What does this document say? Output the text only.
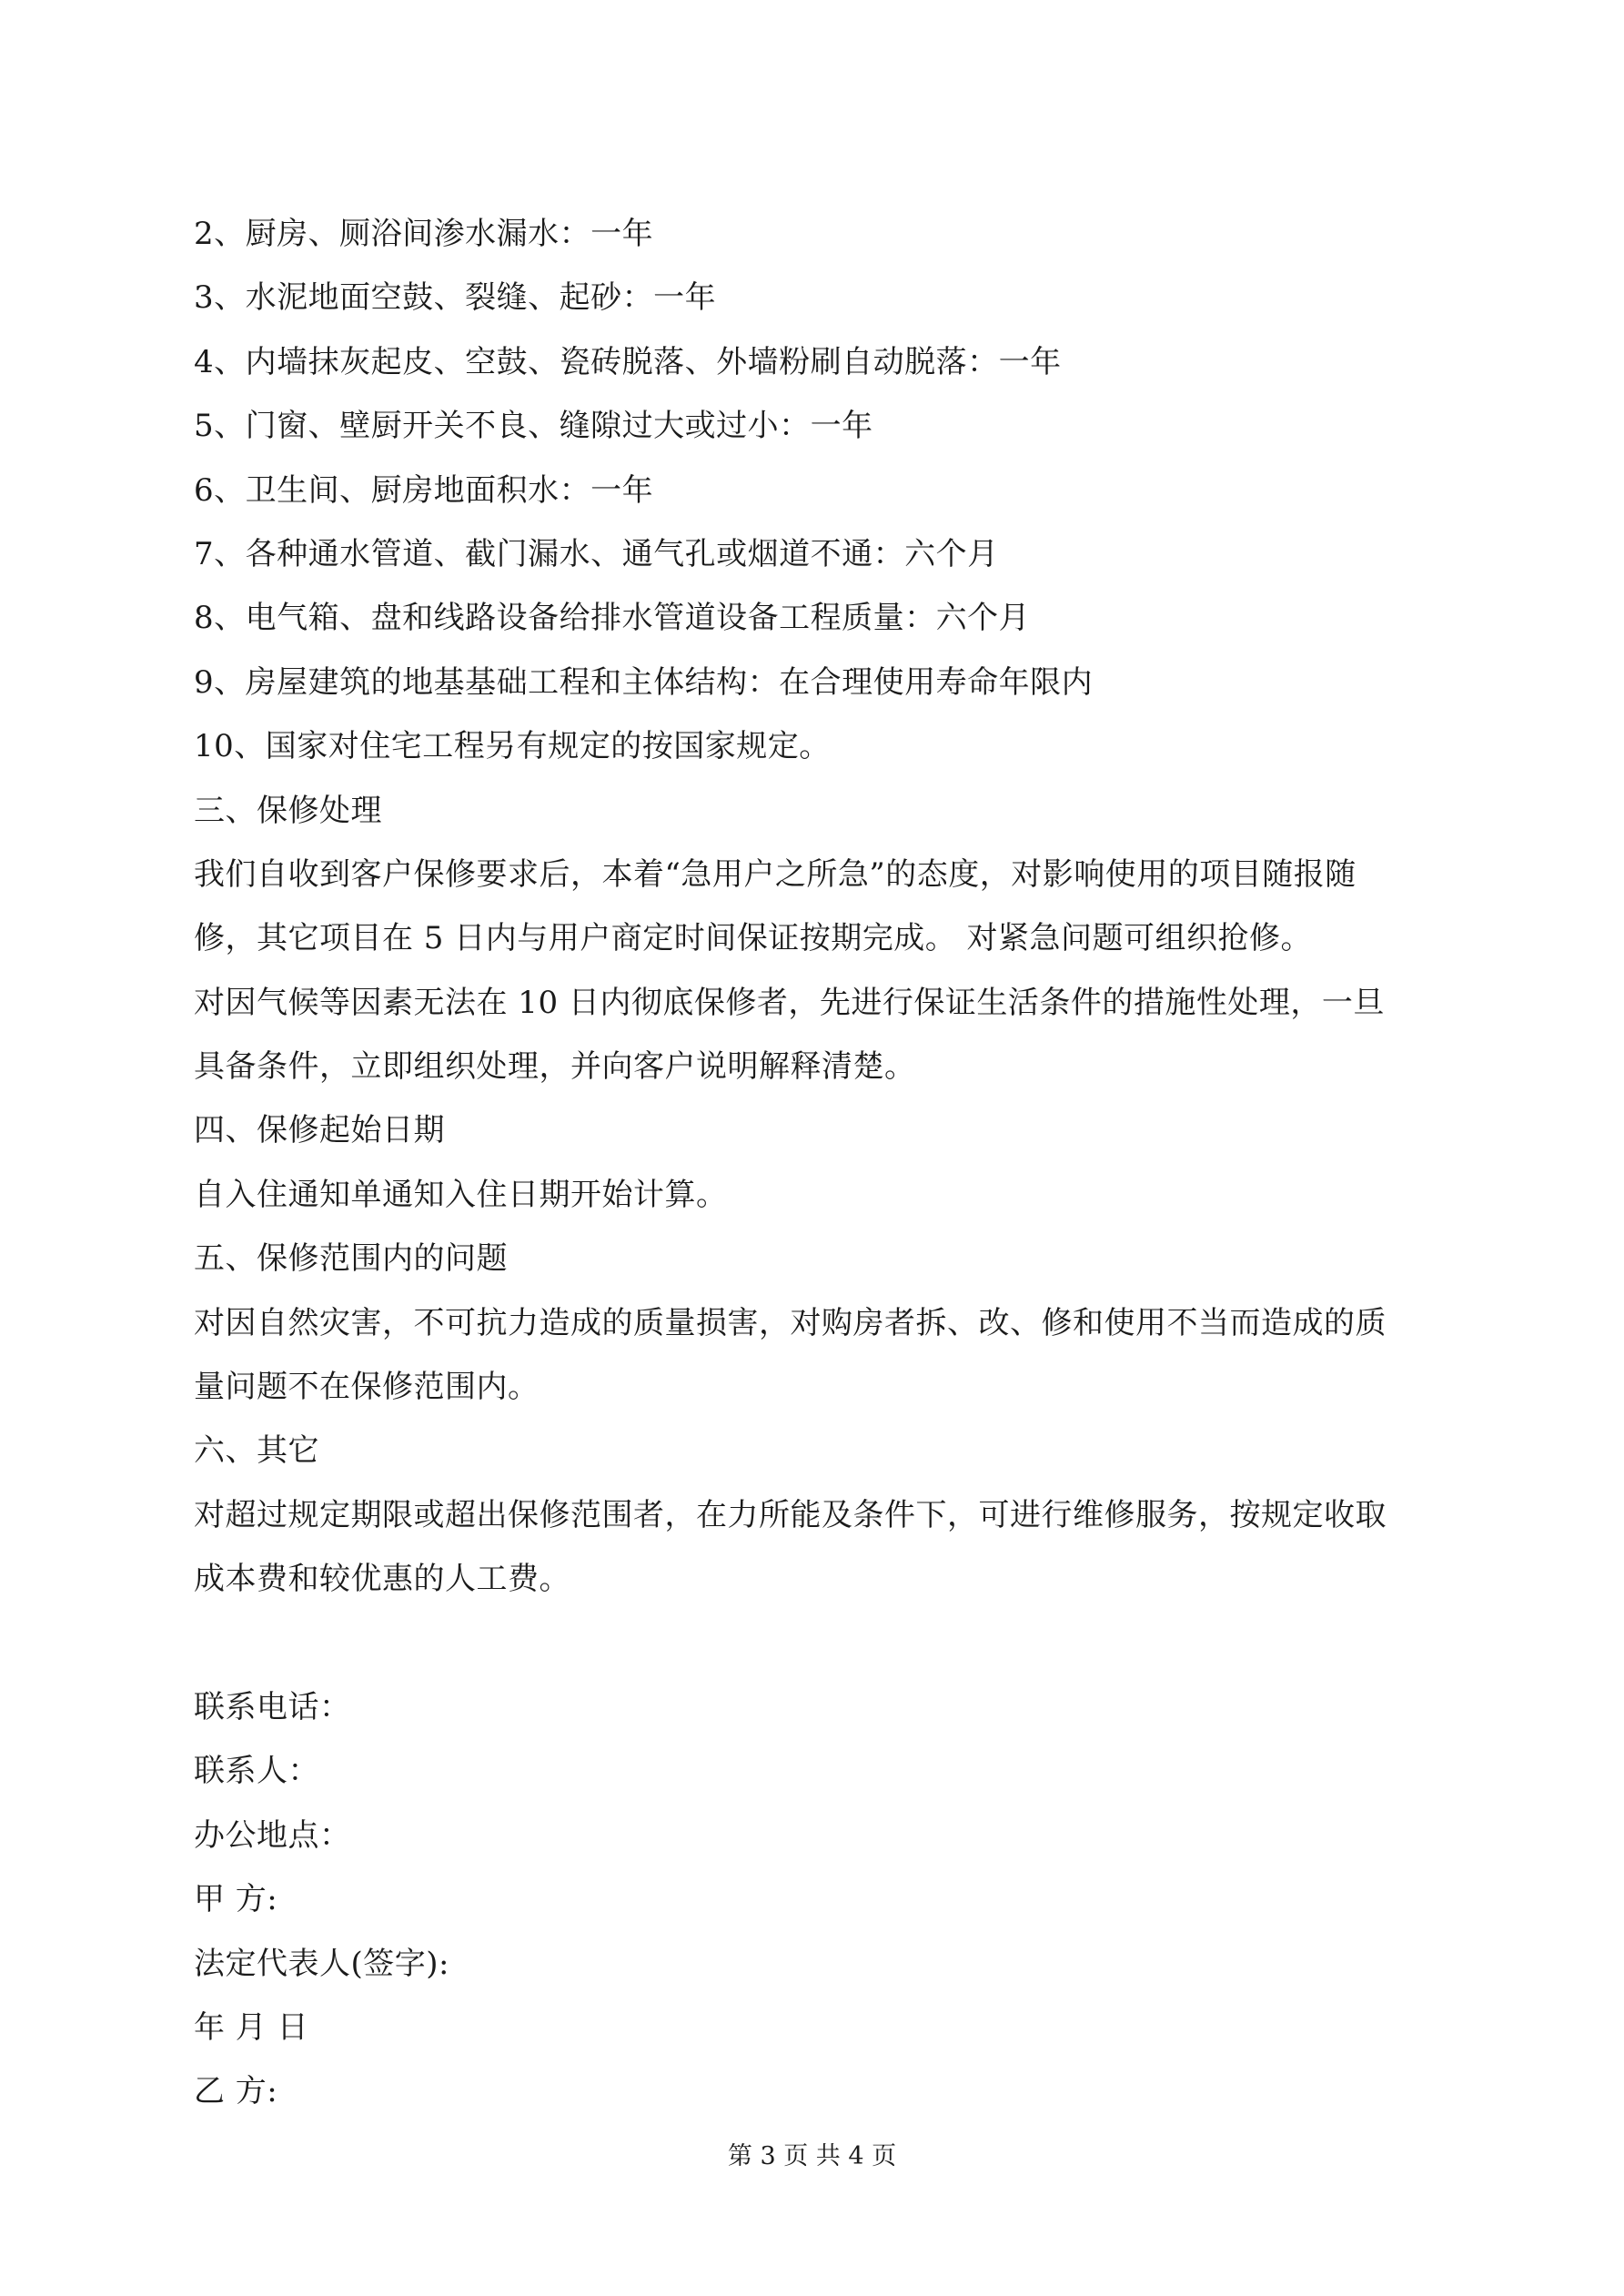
2、厨房、厕浴间渗水漏水：一年
3、水泥地面空鼓、裂缝、起砂：一年
4、内墙抹灰起皮、空鼓、瓷砖脱落、外墙粉刷自动脱落：一年
5、门窗、壁厨开关不良、缝隙过大或过小：一年
6、卫生间、厨房地面积水：一年
7、各种通水管道、截门漏水、通气孔或烟道不通：六个月
8、电气箱、盘和线路设备给排水管道设备工程质量：六个月
9、房屋建筑的地基基础工程和主体结构：在合理使用寿命年限内
10、国家对住宅工程另有规定的按国家规定。
三、保修处理
我们自收到客户保修要求后，本着“急用户之所急”的态度，对影响使用的项目随报随
修，其它项目在 5 日内与用户商定时间保证按期完成。 对紧急问题可组织抢修。
对因气候等因素无法在 10 日内彻底保修者，先进行保证生活条件的措施性处理，一旦
具备条件，立即组织处理，并向客户说明解释清楚。
四、保修起始日期
自入住通知单通知入住日期开始计算。
五、保修范围内的问题
对因自然灾害，不可抗力造成的质量损害，对购房者拆、改、修和使用不当而造成的质
量问题不在保修范围内。
六、其它
对超过规定期限或超出保修范围者，在力所能及条件下，可进行维修服务，按规定收取
成本费和较优惠的人工费。
联系电话：
联系人：
办公地点：
甲 方:
法定代表人(签字):
年 月 日
乙 方:
第 3 页 共 4 页
